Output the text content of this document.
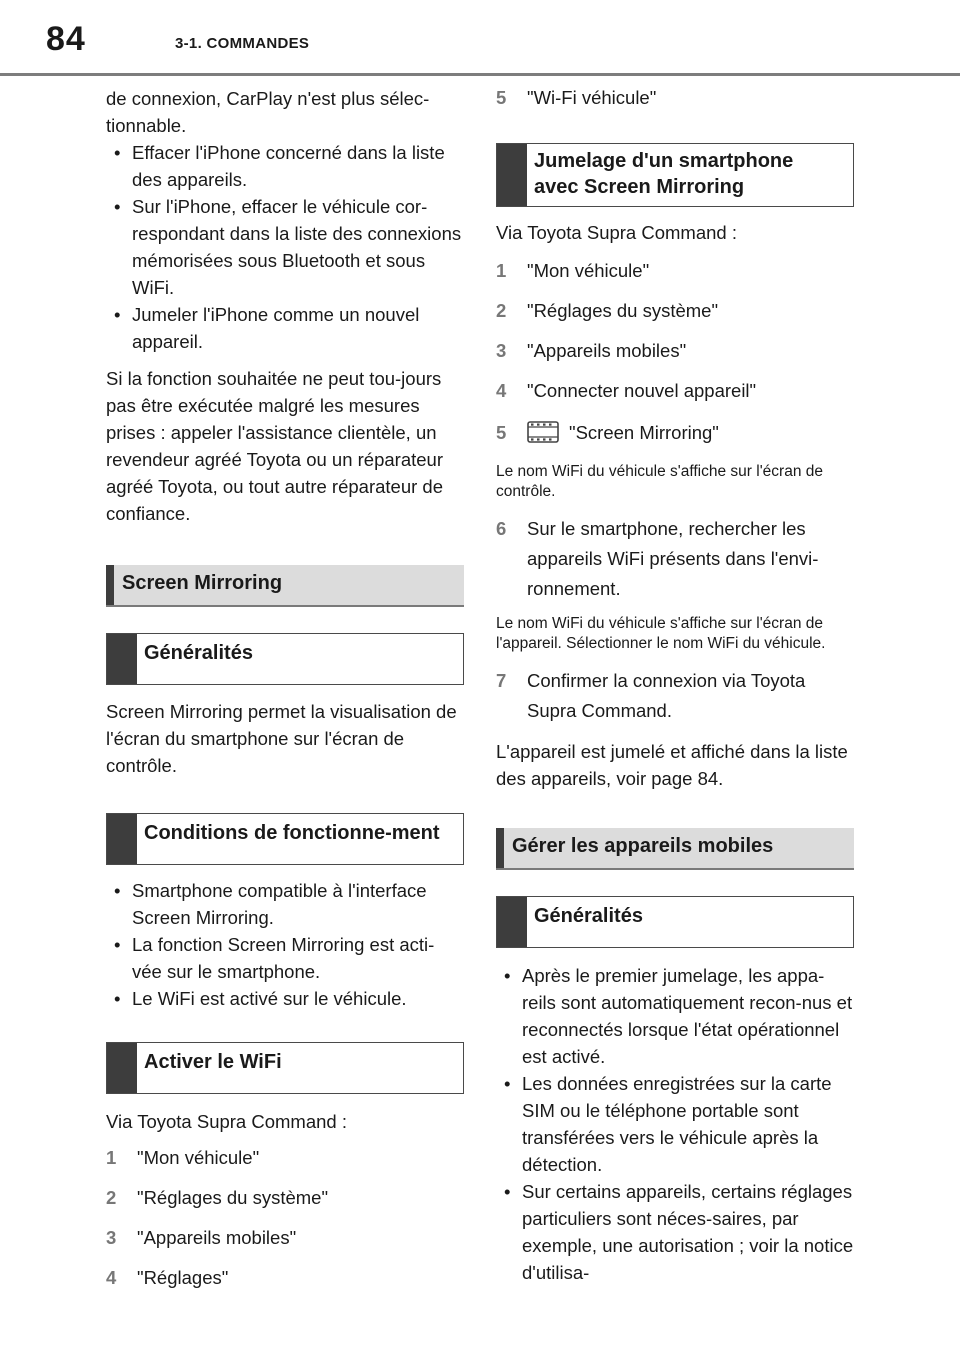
84	3-1. COMMANDES

de connexion, CarPlay n'est plus sélec-tionnable.

• Effacer l'iPhone concerné dans la liste des appareils.
• Sur l'iPhone, effacer le véhicule cor-respondant dans la liste des connexions mémorisées sous Bluetooth et sous WiFi.
• Jumeler l'iPhone comme un nouvel appareil.

Si la fonction souhaitée ne peut tou-jours pas être exécutée malgré les mesures prises : appeler l'assistance clientèle, un revendeur agréé Toyota ou un réparateur agréé Toyota, ou tout autre réparateur de confiance.

Screen Mirroring
Généralités

Screen Mirroring permet la visualisation de l'écran du smartphone sur l'écran de contrôle.

Conditions de fonctionne-ment
• Smartphone compatible à l'interface Screen Mirroring.
• La fonction Screen Mirroring est acti-vée sur le smartphone.
• Le WiFi est activé sur le véhicule.
Activer le WiFi

Via Toyota Supra Command :

1	"Mon véhicule"
2	"Réglages du système"
3	"Appareils mobiles"
4	"Réglages"
5	"Wi-Fi véhicule"
Jumelage d'un smartphone avec Screen Mirroring

Via Toyota Supra Command :

1	"Mon véhicule"
2	"Réglages du système"
3	"Appareils mobiles"
4	"Connecter nouvel appareil"
5	"Screen Mirroring"

Le nom WiFi du véhicule s'affiche sur l'écran de contrôle.

6	Sur le smartphone, rechercher les appareils WiFi présents dans l'envi-ronnement.

Le nom WiFi du véhicule s'affiche sur l'écran de l'appareil. Sélectionner le nom WiFi du véhicule.

7	Confirmer la connexion via Toyota Supra Command.

L'appareil est jumelé et affiché dans la liste des appareils, voir page 84.

Gérer les appareils mobiles
Généralités
• Après le premier jumelage, les appa-reils sont automatiquement recon-nus et reconnectés lorsque l'état opérationnel est activé.
• Les données enregistrées sur la carte SIM ou le téléphone portable sont transférées vers le véhicule après la détection.
• Sur certains appareils, certains réglages particuliers sont néces-saires, par exemple, une autorisation ; voir la notice d'utilisa-
